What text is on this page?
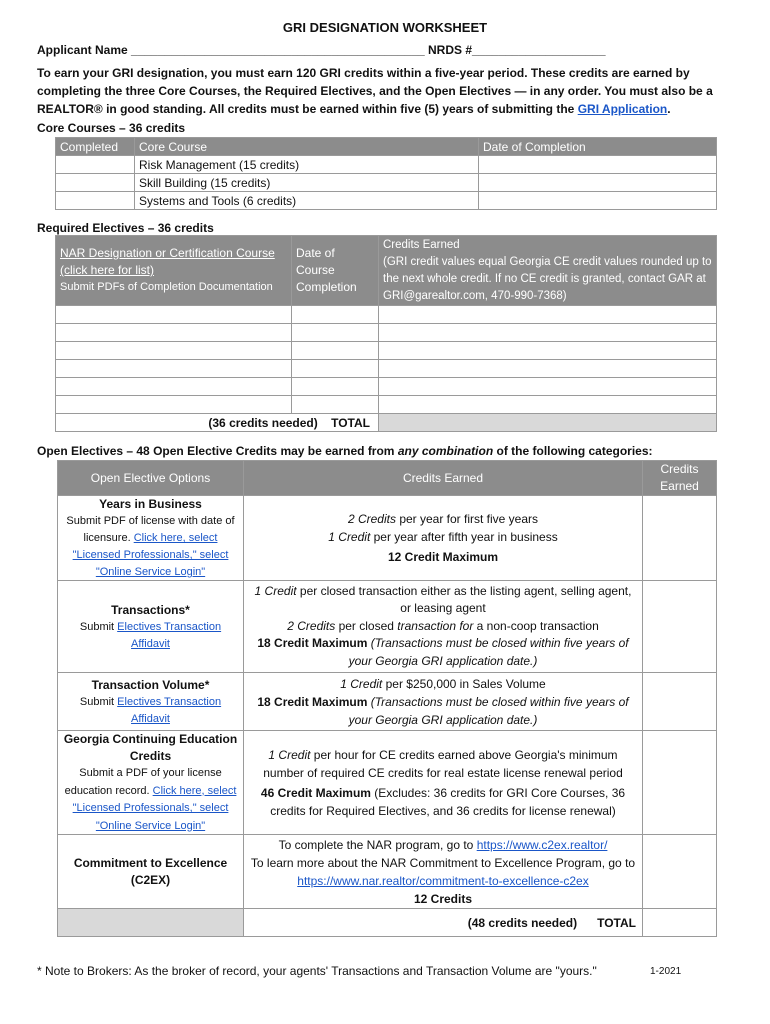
GRI DESIGNATION WORKSHEET
Applicant Name ____________________________________________ NRDS #____________________
To earn your GRI designation, you must earn 120 GRI credits within a five-year period. These credits are earned by completing the three Core Courses, the Required Electives, and the Open Electives — in any order. You must also be a REALTOR® in good standing. All credits must be earned within five (5) years of submitting the GRI Application.
Core Courses – 36 credits
Completed	Core Course	Date of Completion
	Risk Management (15 credits)	
	Skill Building (15 credits)	
	Systems and Tools (6 credits)	
Required Electives – 36 credits
NAR Designation or Certification Course (click here for list)
Submit PDFs of Completion Documentation	Date of Course Completion	Credits Earned
(GRI credit values equal Georgia CE credit values rounded up to the next whole credit. If no CE credit is granted, contact GAR at GRI@garealtor.com, 470-990-7368)

(36 credits needed) TOTAL		
Open Electives – 48 Open Elective Credits may be earned from any combination of the following categories:
Open Elective Options	Credits Earned	Credits Earned

Years in Business
Submit PDF of license with date of licensure. Click here, select "Licensed Professionals," select "Online Service Login"	2 Credits per year for first five years
1 Credit per year after fifth year in business
12 Credit Maximum	

Transactions*
Submit Electives Transaction Affidavit	1 Credit per closed transaction either as the listing agent, selling agent, or leasing agent
2 Credits per closed transaction for a non-coop transaction
18 Credit Maximum (Transactions must be closed within five years of your Georgia GRI application date.)	

Transaction Volume*
Submit Electives Transaction Affidavit	1 Credit per $250,000 in Sales Volume
18 Credit Maximum (Transactions must be closed within five years of your Georgia GRI application date.)	

Georgia Continuing Education Credits
Submit a PDF of your license education record. Click here, select "Licensed Professionals," select "Online Service Login"	1 Credit per hour for CE credits earned above Georgia's minimum number of required CE credits for real estate license renewal period
46 Credit Maximum (Excludes: 36 credits for GRI Core Courses, 36 credits for Required Electives, and 36 credits for license renewal)	

Commitment to Excellence (C2EX)	To complete the NAR program, go to https://www.c2ex.realtor/
To learn more about the NAR Commitment to Excellence Program, go to https://www.nar.realtor/commitment-to-excellence-c2ex
12 Credits	

	(48 credits needed) TOTAL	
* Note to Brokers: As the broker of record, your agents' Transactions and Transaction Volume are "yours."	1-2021
